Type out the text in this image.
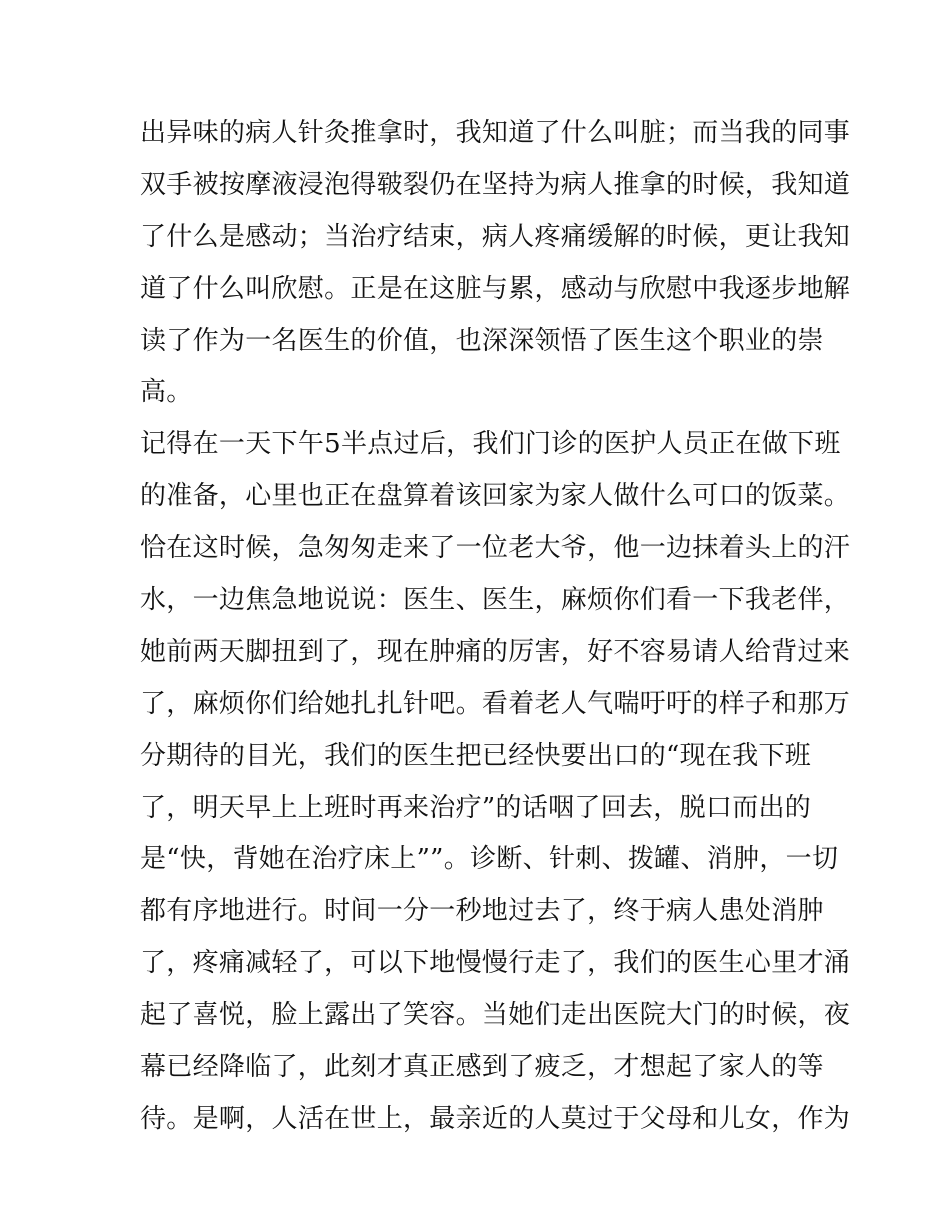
出异味的病人针灸推拿时，我知道了什么叫脏；而当我的同事
双手被按摩液浸泡得皲裂仍在坚持为病人推拿的时候，我知道
了什么是感动；当治疗结束，病人疼痛缓解的时候，更让我知
道了什么叫欣慰。正是在这脏与累，感动与欣慰中我逐步地解
读了作为一名医生的价值，也深深领悟了医生这个职业的崇
高。
记得在一天下午5半点过后，我们门诊的医护人员正在做下班
的准备，心里也正在盘算着该回家为家人做什么可口的饭菜。
恰在这时候，急匆匆走来了一位老大爷，他一边抹着头上的汗
水，一边焦急地说说：医生、医生，麻烦你们看一下我老伴，
她前两天脚扭到了，现在肿痛的厉害，好不容易请人给背过来
了，麻烦你们给她扎扎针吧。看着老人气喘吁吁的样子和那万
分期待的目光，我们的医生把已经快要出口的“现在我下班
了，明天早上上班时再来治疗”的话咽了回去，脱口而出的
是“快，背她在治疗床上””。诊断、针刺、拨罐、消肿，一切
都有序地进行。时间一分一秒地过去了，终于病人患处消肿
了，疼痛减轻了，可以下地慢慢行走了，我们的医生心里才涌
起了喜悦，脸上露出了笑容。当她们走出医院大门的时候，夜
幕已经降临了，此刻才真正感到了疲乏，才想起了家人的等
待。是啊，人活在世上，最亲近的人莫过于父母和儿女，作为
